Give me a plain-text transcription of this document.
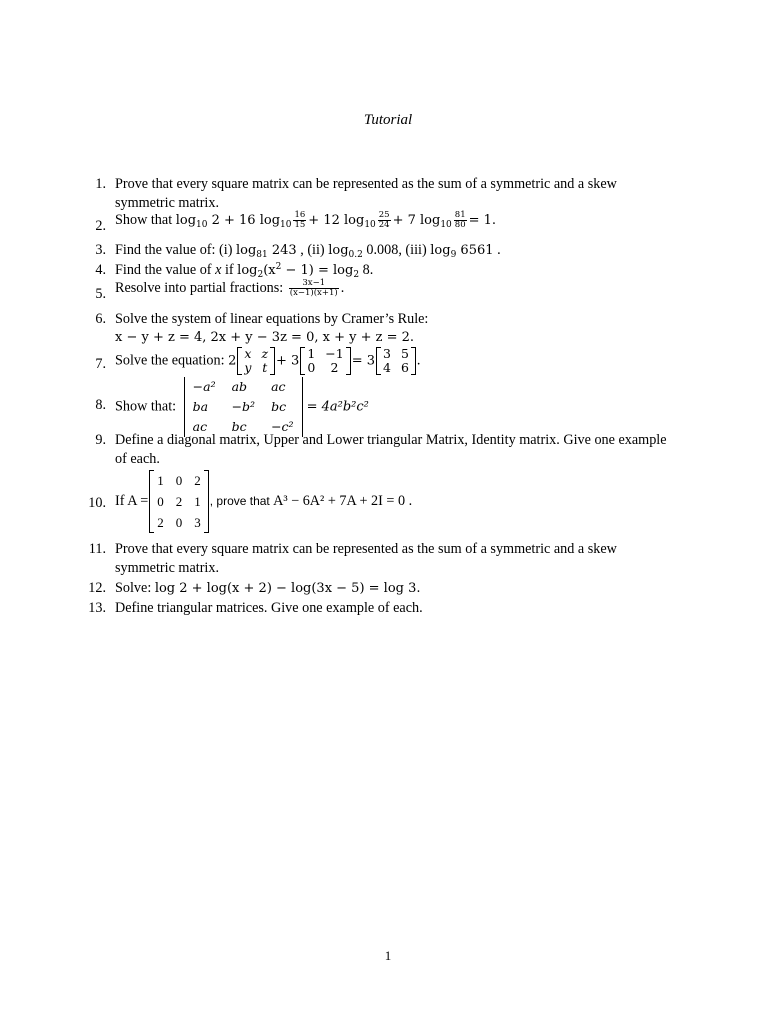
Tutorial
1. Prove that every square matrix can be represented as the sum of a symmetric and a skew
symmetric matrix.
2. Show that $\log_{10} 2 + 16$ $\log_{10} \frac{16}{15} + 12$ $\log_{10} \frac{25}{24} + 7$ $\log_{10} \frac{81}{80} = 1$.
3. Find the value of: (i) $\log_{81} 243$ , (ii) $\log_{0.2} 0.008$, (iii) $\log_9 6561$ .
4. Find the value of x if $\log_2(x^2 - 1) = \log_2 8$.
5. Resolve into partial fractions: $\frac{3x-1}{(x-1)(x+1)}$ .
6. Solve the system of linear equations by Cramer’s Rule:
x − y + z = 4, 2x + y − 3z = 0, x + y + z = 2.
7. Solve the equation: 2 x	z
y	t + 3 1	−1
0	2 = 3 3	5
4	6 .
8. Show that:
−a²	ab	ac
ba	−b²	bc
ac	bc	−c²
= 4a²b²c²
9. Define a diagonal matrix, Upper and Lower triangular Matrix, Identity matrix. Give one example
of each.
10. If A =
1	0	2
0	2	1
2	0	3
, prove that A³ − 6A² + 7A + 2I = 0 .
11. Prove that every square matrix can be represented as the sum of a symmetric and a skew
symmetric matrix.
12. Solve: log 2 + log(x + 2) − log(3x − 5) = log 3.
13. Define triangular matrices. Give one example of each.
1
